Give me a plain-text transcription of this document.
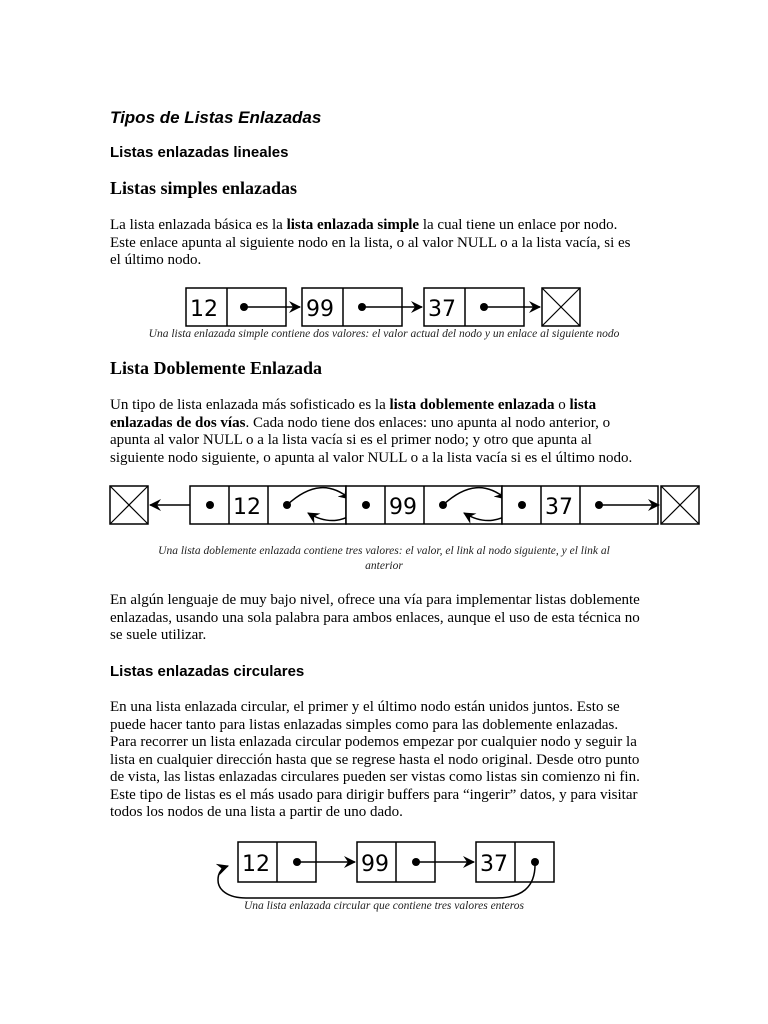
Tipos de Listas Enlazadas
Listas enlazadas lineales
Listas simples enlazadas

La lista enlazada básica es la lista enlazada simple la cual tiene un enlace por nodo.

Este enlace apunta al siguiente nodo en la lista, o al valor NULL o a la lista vacía, si es

el último nodo.

12	99	37
Una lista enlazada simple contiene dos valores: el valor actual del nodo y un enlace al siguiente nodo
Lista Doblemente Enlazada

Un tipo de lista enlazada más sofisticado es la lista doblemente enlazada o lista

enlazadas de dos vías. Cada nodo tiene dos enlaces: uno apunta al nodo anterior, o

apunta al valor NULL o a la lista vacía si es el primer nodo; y otro que apunta al

siguiente nodo siguiente, o apunta al valor NULL o a la lista vacía si es el último nodo.

12	99	37
Una lista doblemente enlazada contiene tres valores: el valor, el link al nodo siguiente, y el link al
anterior

En algún lenguaje de muy bajo nivel, ofrece una vía para implementar listas doblemente

enlazadas, usando una sola palabra para ambos enlaces, aunque el uso de esta técnica no

se suele utilizar.

Listas enlazadas circulares

En una lista enlazada circular, el primer y el último nodo están unidos juntos. Esto se

puede hacer tanto para listas enlazadas simples como para las doblemente enlazadas.

Para recorrer un lista enlazada circular podemos empezar por cualquier nodo y seguir la

lista en cualquier dirección hasta que se regrese hasta el nodo original. Desde otro punto

de vista, las listas enlazadas circulares pueden ser vistas como listas sin comienzo ni fin.

Este tipo de listas es el más usado para dirigir buffers para “ingerir” datos, y para visitar

todos los nodos de una lista a partir de uno dado.

12	99	37
Una lista enlazada circular que contiene tres valores enteros
